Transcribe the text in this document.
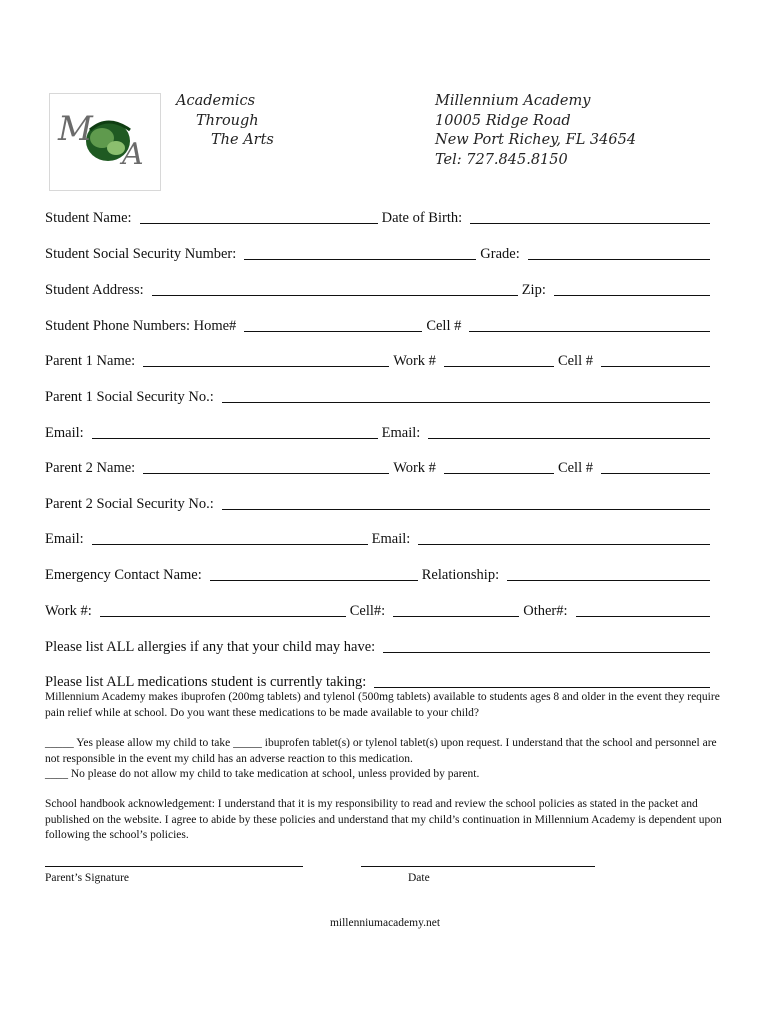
M
A
Academics
Through
The Arts
Millennium Academy
10005 Ridge Road
New Port Richey, FL 34654
Tel: 727.845.8150
Student Name:	Date of Birth:
Student Social Security Number:	Grade:
Student Address:	Zip:
Student Phone Numbers: Home#	Cell #
Parent 1 Name:	Work #	Cell #
Parent 1 Social Security No.:
Email:	Email:
Parent 2 Name:	Work #	Cell #
Parent 2 Social Security No.:
Email:	Email:
Emergency Contact Name:	Relationship:
Work #:	Cell#:	Other#:
Please list ALL allergies if any that your child may have:
Please list ALL medications student is currently taking:
Millennium Academy makes ibuprofen (200mg tablets) and tylenol (500mg tablets) available to students ages 8 and older in the event they require pain relief while at school. Do you want these medications to be made available to your child?
_____ Yes please allow my child to take _____ ibuprofen tablet(s) or tylenol tablet(s) upon request. I understand that the school and personnel are not responsible in the event my child has an adverse reaction to this medication.
____ No please do not allow my child to take medication at school, unless provided by parent.
School handbook acknowledgement: I understand that it is my responsibility to read and review the school policies as stated in the packet and published on the website. I agree to abide by these policies and understand that my child’s continuation in Millennium Academy is dependent upon following the school’s policies.
Parent’s Signature	Date
millenniumacademy.net
